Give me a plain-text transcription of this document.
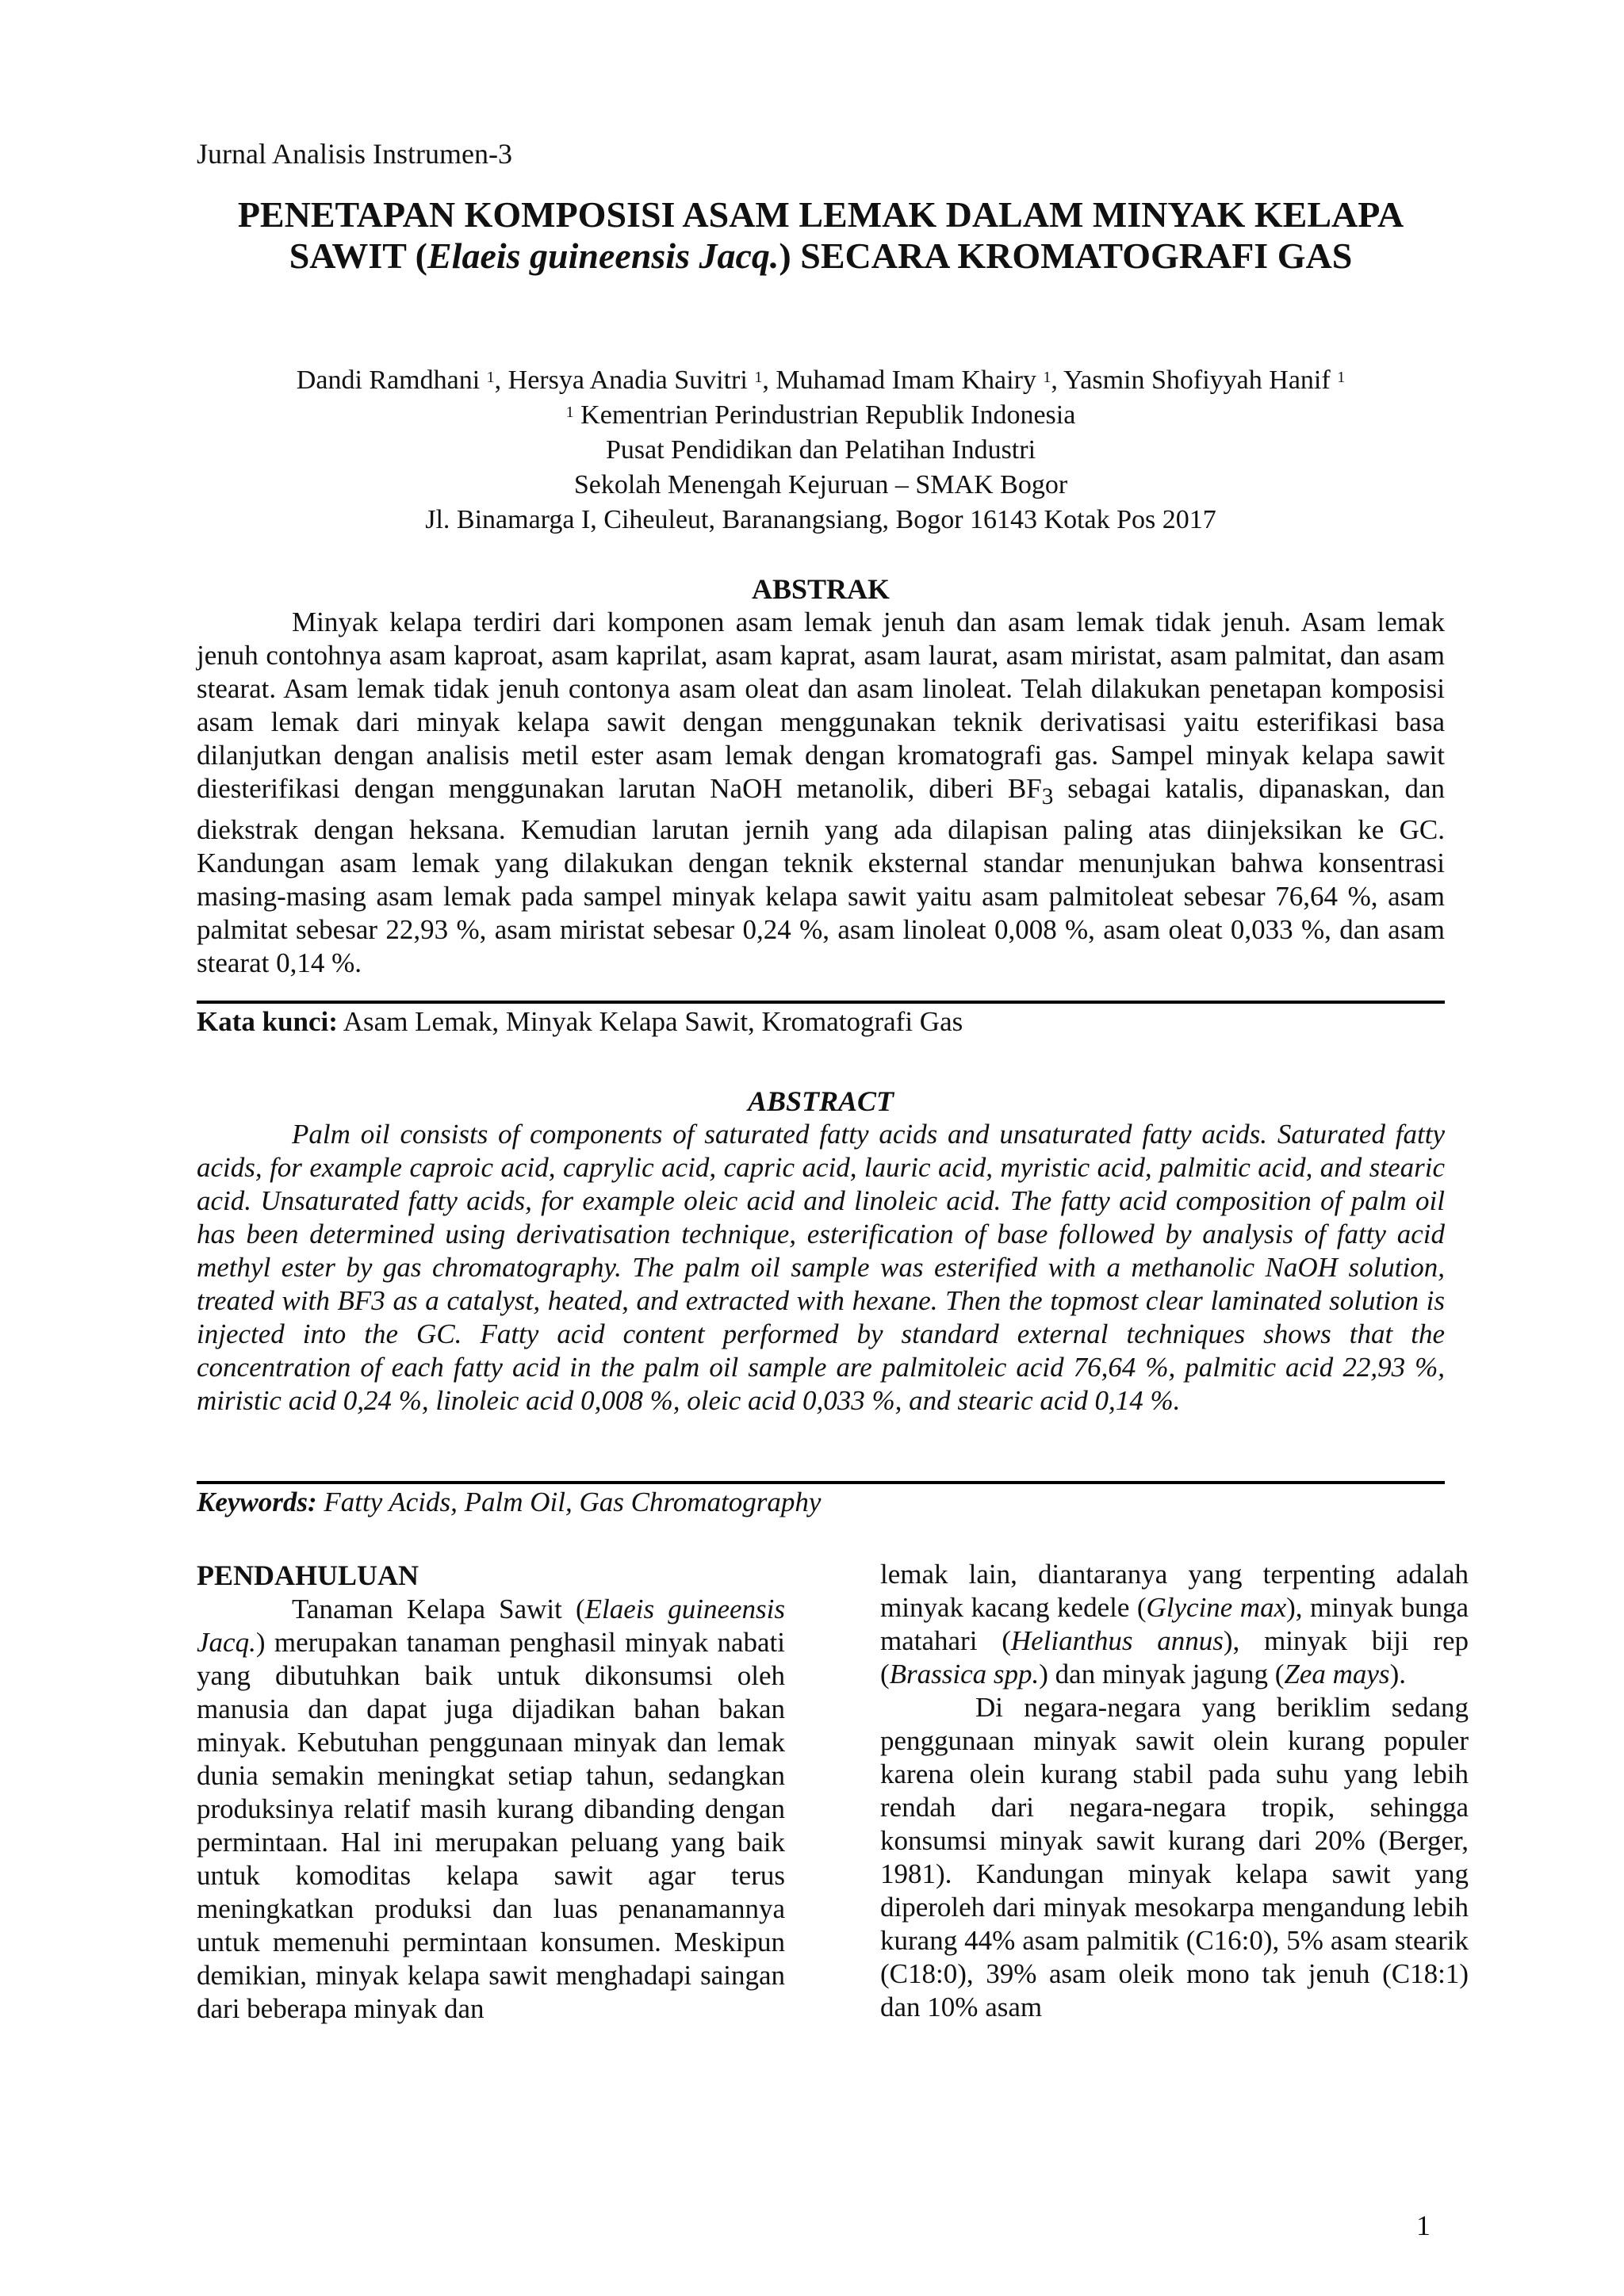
Jurnal Analisis Instrumen-3
PENETAPAN KOMPOSISI ASAM LEMAK DALAM MINYAK KELAPA SAWIT (Elaeis guineensis Jacq.) SECARA KROMATOGRAFI GAS
Dandi Ramdhani $^1$, Hersya Anadia Suvitri $^1$, Muhamad Imam Khairy $^1$, Yasmin Shofiyyah Hanif $^1$
$^1$ Kementrian Perindustrian Republik Indonesia
Pusat Pendidikan dan Pelatihan Industri
Sekolah Menengah Kejuruan – SMAK Bogor
Jl. Binamarga I, Ciheuleut, Baranangsiang, Bogor 16143 Kotak Pos 2017
ABSTRAK

Minyak kelapa terdiri dari komponen asam lemak jenuh dan asam lemak tidak jenuh. Asam lemak jenuh contohnya asam kaproat, asam kaprilat, asam kaprat, asam laurat, asam miristat, asam palmitat, dan asam stearat. Asam lemak tidak jenuh contonya asam oleat dan asam linoleat. Telah dilakukan penetapan komposisi asam lemak dari minyak kelapa sawit dengan menggunakan teknik derivatisasi yaitu esterifikasi basa dilanjutkan dengan analisis metil ester asam lemak dengan kromatografi gas. Sampel minyak kelapa sawit diesterifikasi dengan menggunakan larutan NaOH metanolik, diberi $BF_3$ sebagai katalis, dipanaskan, dan diekstrak dengan heksana. Kemudian larutan jernih yang ada dilapisan paling atas diinjeksikan ke GC. Kandungan asam lemak yang dilakukan dengan teknik eksternal standar menunjukan bahwa konsentrasi masing-masing asam lemak pada sampel minyak kelapa sawit yaitu asam palmitoleat sebesar 76,64 %, asam palmitat sebesar 22,93 %, asam miristat sebesar 0,24 %, asam linoleat 0,008 %, asam oleat 0,033 %, dan asam stearat 0,14 %.

Kata kunci: Asam Lemak, Minyak Kelapa Sawit, Kromatografi Gas
ABSTRACT

Palm oil consists of components of saturated fatty acids and unsaturated fatty acids. Saturated fatty acids, for example caproic acid, caprylic acid, capric acid, lauric acid, myristic acid, palmitic acid, and stearic acid. Unsaturated fatty acids, for example oleic acid and linoleic acid. The fatty acid composition of palm oil has been determined using derivatisation technique, esterification of base followed by analysis of fatty acid methyl ester by gas chromatography. The palm oil sample was esterified with a methanolic NaOH solution, treated with BF3 as a catalyst, heated, and extracted with hexane. Then the topmost clear laminated solution is injected into the GC. Fatty acid content performed by standard external techniques shows that the concentration of each fatty acid in the palm oil sample are palmitoleic acid 76,64 %, palmitic acid 22,93 %, miristic acid 0,24 %, linoleic acid 0,008 %, oleic acid 0,033 %, and stearic acid 0,14 %.

Keywords: Fatty Acids, Palm Oil, Gas Chromatography

PENDAHULUAN

Tanaman Kelapa Sawit (Elaeis guineensis Jacq.) merupakan tanaman penghasil minyak nabati yang dibutuhkan baik untuk dikonsumsi oleh manusia dan dapat juga dijadikan bahan bakan minyak. Kebutuhan penggunaan minyak dan lemak dunia semakin meningkat setiap tahun, sedangkan produksinya relatif masih kurang dibanding dengan permintaan. Hal ini merupakan peluang yang baik untuk komoditas kelapa sawit agar terus meningkatkan produksi dan luas penanamannya untuk memenuhi permintaan konsumen. Meskipun demikian, minyak kelapa sawit menghadapi saingan dari beberapa minyak dan

lemak lain, diantaranya yang terpenting adalah minyak kacang kedele (Glycine max), minyak bunga matahari (Helianthus annus), minyak biji rep (Brassica spp.) dan minyak jagung (Zea mays).

Di negara-negara yang beriklim sedang penggunaan minyak sawit olein kurang populer karena olein kurang stabil pada suhu yang lebih rendah dari negara-negara tropik, sehingga konsumsi minyak sawit kurang dari 20% (Berger, 1981). Kandungan minyak kelapa sawit yang diperoleh dari minyak mesokarpa mengandung lebih kurang 44% asam palmitik (C16:0), 5% asam stearik (C18:0), 39% asam oleik mono tak jenuh (C18:1) dan 10% asam

1
